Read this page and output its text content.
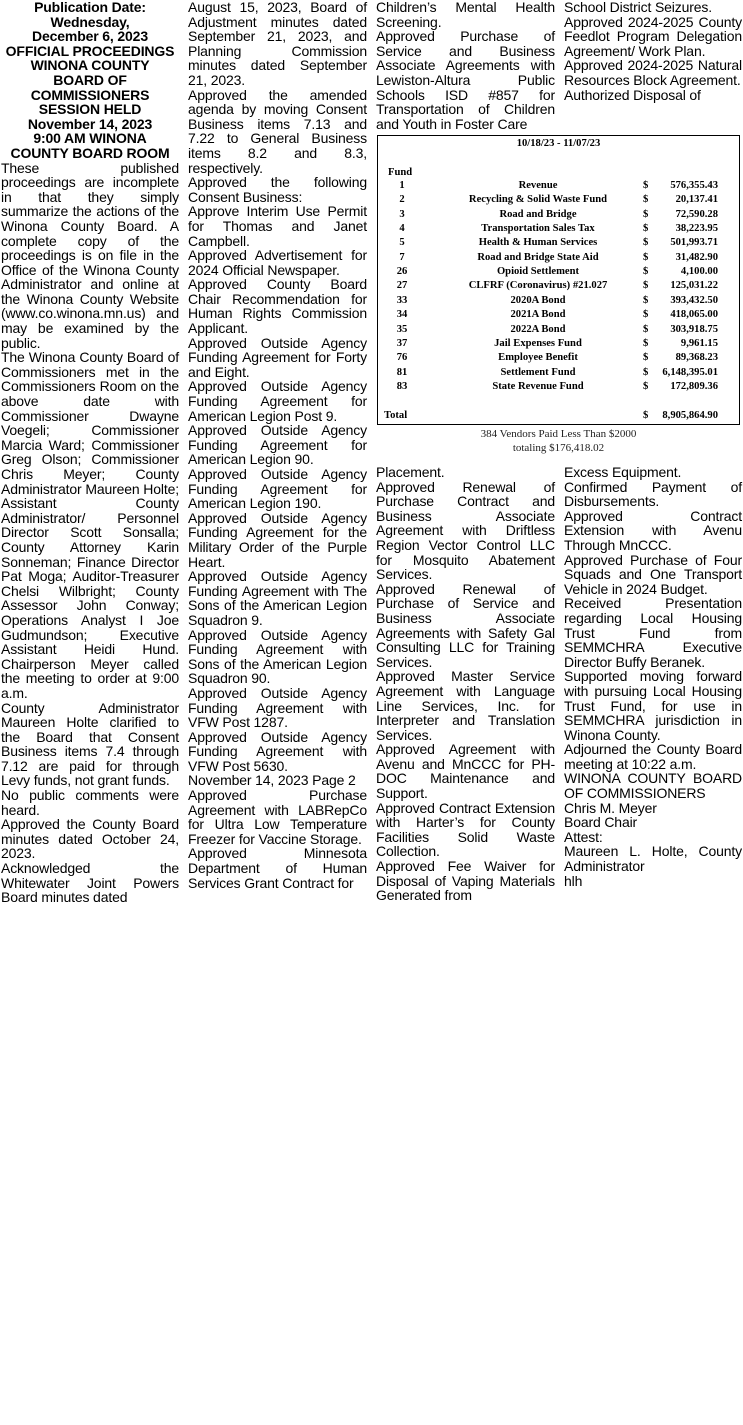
Publication Date:
Wednesday,
December 6, 2023
OFFICIAL PROCEEDINGS
WINONA COUNTY
BOARD OF
COMMISSIONERS
SESSION HELD
November 14, 2023
9:00 AM WINONA
COUNTY BOARD ROOM

These published proceedings are incomplete in that they simply summarize the actions of the Winona County Board. A complete copy of the proceedings is on file in the Office of the Winona County Administrator and online at the Winona County Website (www.co.winona.mn.us) and may be examined by the public.

The Winona County Board of Commissioners met in the Commissioners Room on the above date with Commissioner Dwayne Voegeli; Commissioner Marcia Ward; Commissioner Greg Olson; Commissioner Chris Meyer; County Administrator Maureen Holte; Assistant County Administrator/ Personnel Director Scott Sonsalla; County Attorney Karin Sonneman; Finance Director Pat Moga; Auditor-Treasurer Chelsi Wilbright; County Assessor John Conway; Operations Analyst I Joe Gudmundson; Executive Assistant Heidi Hund. Chairperson Meyer called the meeting to order at 9:00 a.m.

County Administrator Maureen Holte clarified to the Board that Consent Business items 7.4 through 7.12 are paid for through Levy funds, not grant funds.

No public comments were heard.

Approved the County Board minutes dated October 24, 2023.

Acknowledged the Whitewater Joint Powers Board minutes dated

August 15, 2023, Board of Adjustment minutes dated September 21, 2023, and Planning Commission minutes dated September 21, 2023.

Approved the amended agenda by moving Consent Business items 7.13 and 7.22 to General Business items 8.2 and 8.3, respectively.

Approved the following Consent Business:

Approve Interim Use Permit for Thomas and Janet Campbell.

Approved Advertisement for 2024 Official Newspaper.

Approved County Board Chair Recommendation for Human Rights Commission Applicant.

Approved Outside Agency Funding Agreement for Forty and Eight.

Approved Outside Agency Funding Agreement for American Legion Post 9.

Approved Outside Agency Funding Agreement for American Legion 90.

Approved Outside Agency Funding Agreement for American Legion 190.

Approved Outside Agency Funding Agreement for the Military Order of the Purple Heart.

Approved Outside Agency Funding Agreement with The Sons of the American Legion Squadron 9.

Approved Outside Agency Funding Agreement with Sons of the American Legion Squadron 90.

Approved Outside Agency Funding Agreement with VFW Post 1287.

Approved Outside Agency Funding Agreement with VFW Post 5630.

November 14, 2023 Page 2

Approved Purchase Agreement with LABRepCo for Ultra Low Temperature Freezer for Vaccine Storage.

Approved Minnesota Department of Human Services Grant Contract for

Children’s Mental Health Screening.

Approved Purchase of Service and Business Associate Agreements with Lewiston-Altura Public Schools ISD #857 for Transportation of Children and Youth in Foster Care

School District Seizures.

Approved 2024-2025 County Feedlot Program Delegation Agreement/ Work Plan.

Approved 2024-2025 Natural Resources Block Agreement.

Authorized Disposal of

10/18/23 - 11/07/23
Fund
1	Revenue	$	576,355.43
2	Recycling & Solid Waste Fund	$	20,137.41
3	Road and Bridge	$	72,590.28
4	Transportation Sales Tax	$	38,223.95
5	Health & Human Services	$	501,993.71
7	Road and Bridge State Aid	$	31,482.90
26	Opioid Settlement	$	4,100.00
27	CLFRF (Coronavirus) #21.027	$	125,031.22
33	2020A Bond	$	393,432.50
34	2021A Bond	$	418,065.00
35	2022A Bond	$	303,918.75
37	Jail Expenses Fund	$	9,961.15
76	Employee Benefit	$	89,368.23
81	Settlement Fund	$	6,148,395.01
83	State Revenue Fund	$	172,809.36
Total	$	8,905,864.90
384 Vendors Paid Less Than $2000
totaling $176,418.02

Placement.

Approved Renewal of Purchase Contract and Business Associate Agreement with Driftless Region Vector Control LLC for Mosquito Abatement Services.

Approved Renewal of Purchase of Service and Business Associate Agreements with Safety Gal Consulting LLC for Training Services.

Approved Master Service Agreement with Language Line Services, Inc. for Interpreter and Translation Services.

Approved Agreement with Avenu and MnCCC for PH-DOC Maintenance and Support.

Approved Contract Extension with Harter’s for County Facilities Solid Waste Collection.

Approved Fee Waiver for Disposal of Vaping Materials Generated from

Excess Equipment.

Confirmed Payment of Disbursements.

Approved Contract Extension with Avenu Through MnCCC.

Approved Purchase of Four Squads and One Transport Vehicle in 2024 Budget.

Received Presentation regarding Local Housing Trust Fund from SEMMCHRA Executive Director Buffy Beranek.

Supported moving forward with pursuing Local Housing Trust Fund, for use in SEMMCHRA jurisdiction in Winona County.

Adjourned the County Board meeting at 10:22 a.m.

WINONA COUNTY BOARD OF COMMISSIONERS

Chris M. Meyer

Board Chair

Attest:

Maureen L. Holte, County Administrator

hlh
